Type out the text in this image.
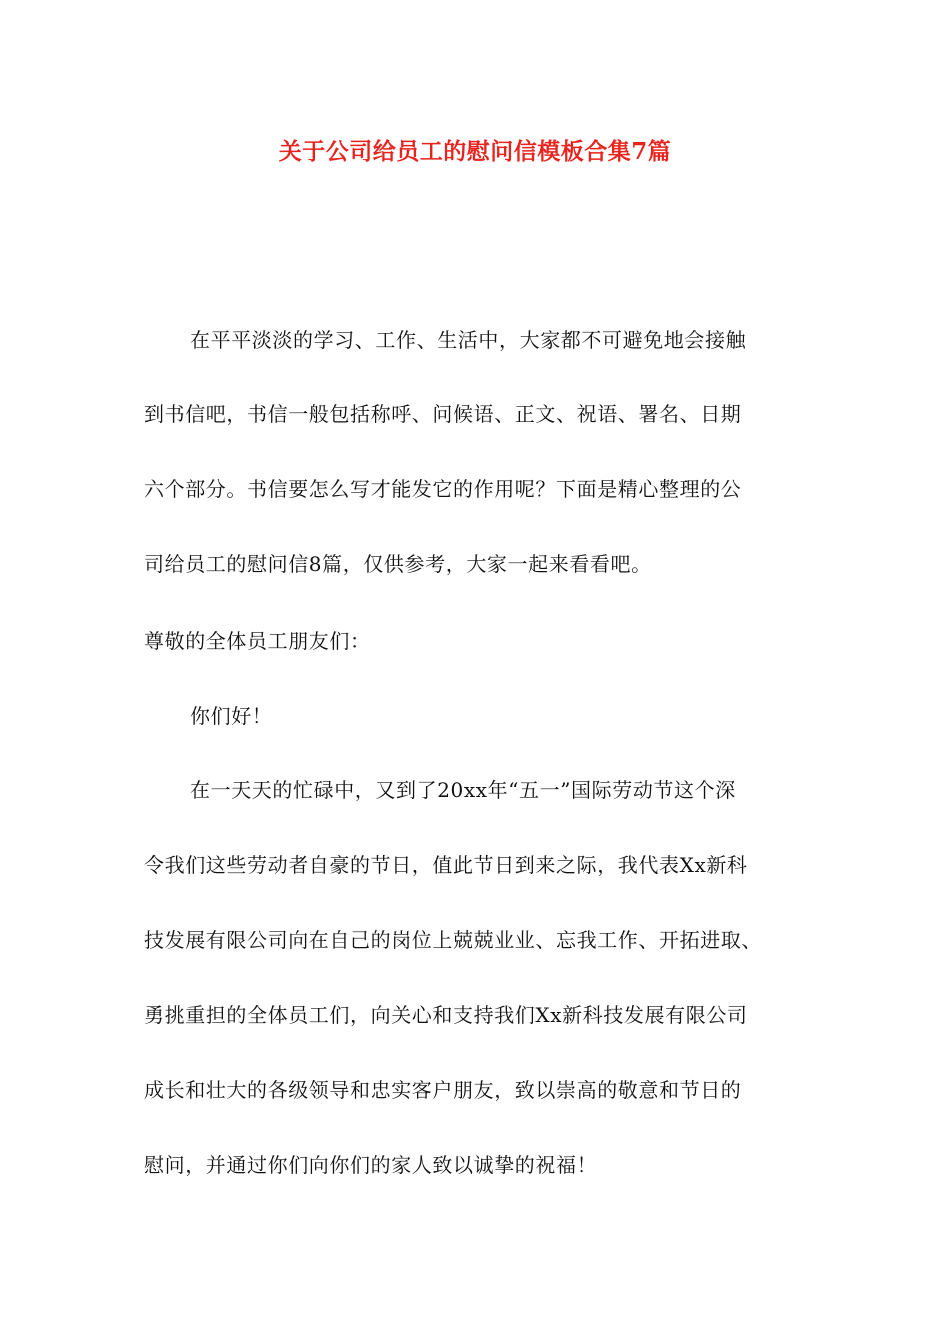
关于公司给员工的慰问信模板合集7篇
在平平淡淡的学习、工作、生活中，大家都不可避免地会接触
到书信吧，书信一般包括称呼、问候语、正文、祝语、署名、日期
六个部分。书信要怎么写才能发它的作用呢？下面是精心整理的公
司给员工的慰问信8篇，仅供参考，大家一起来看看吧。
尊敬的全体员工朋友们：
你们好！
在一天天的忙碌中，又到了20xx年“五一”国际劳动节这个深
令我们这些劳动者自豪的节日，值此节日到来之际，我代表Xx新科
技发展有限公司向在自己的岗位上兢兢业业、忘我工作、开拓进取、
勇挑重担的全体员工们，向关心和支持我们Xx新科技发展有限公司
成长和壮大的各级领导和忠实客户朋友，致以崇高的敬意和节日的
慰问，并通过你们向你们的家人致以诚挚的祝福！
